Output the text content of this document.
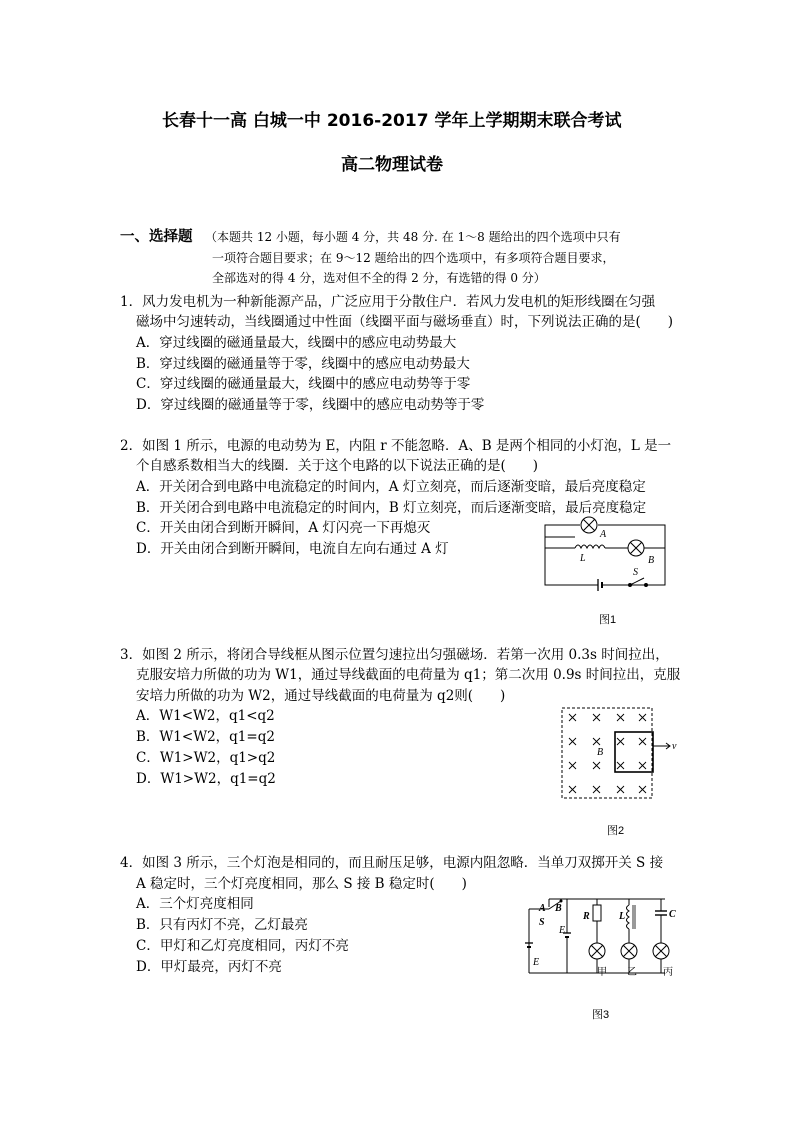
长春十一高 白城一中 2016-2017 学年上学期期末联合考试
高二物理试卷
一、选择题 （本题共 12 小题，每小题 4 分，共 48 分. 在 1～8 题给出的四个选项中只有
一项符合题目要求；在 9～12 题给出的四个选项中，有多项符合题目要求，
全部选对的得 4 分，选对但不全的得 2 分，有选错的得 0 分）
1．风力发电机为一种新能源产品，广泛应用于分散住户．若风力发电机的矩形线圈在匀强
磁场中匀速转动，当线圈通过中性面（线圈平面与磁场垂直）时，下列说法正确的是(　　)
A．穿过线圈的磁通量最大，线圈中的感应电动势最大
B．穿过线圈的磁通量等于零，线圈中的感应电动势最大
C．穿过线圈的磁通量最大，线圈中的感应电动势等于零
D．穿过线圈的磁通量等于零，线圈中的感应电动势等于零
2．如图 1 所示，电源的电动势为 E，内阻 r 不能忽略．A、B 是两个相同的小灯泡，L 是一
个自感系数相当大的线圈．关于这个电路的以下说法正确的是(　　)
A．开关闭合到电路中电流稳定的时间内，A 灯立刻亮，而后逐渐变暗，最后亮度稳定
B．开关闭合到电路中电流稳定的时间内，B 灯立刻亮，而后逐渐变暗，最后亮度稳定
C．开关由闭合到断开瞬间，A 灯闪亮一下再熄灭
D．开关由闭合到断开瞬间，电流自左向右通过 A 灯
A
L	B
S
图1
3．如图 2 所示，将闭合导线框从图示位置匀速拉出匀强磁场．若第一次用 0.3s 时间拉出，
克服安培力所做的功为 W1，通过导线截面的电荷量为 q1；第二次用 0.9s 时间拉出，克服
安培力所做的功为 W2，通过导线截面的电荷量为 q2则(　　)
A．W1<W2，q1<q2
B．W1<W2，q1=q2
C．W1>W2，q1>q2
D．W1>W2，q1=q2
B
v
图2
4．如图 3 所示，三个灯泡是相同的，而且耐压足够，电源内阻忽略．当单刀双掷开关 S 接
A 稳定时，三个灯亮度相同，那么 S 接 B 稳定时(　　)
A．三个灯亮度相同
B．只有丙灯不亮，乙灯最亮
C．甲灯和乙灯亮度相同，丙灯不亮
D．甲灯最亮，丙灯不亮
A B
S
E
E
R	L	C
甲 乙	丙
图3
